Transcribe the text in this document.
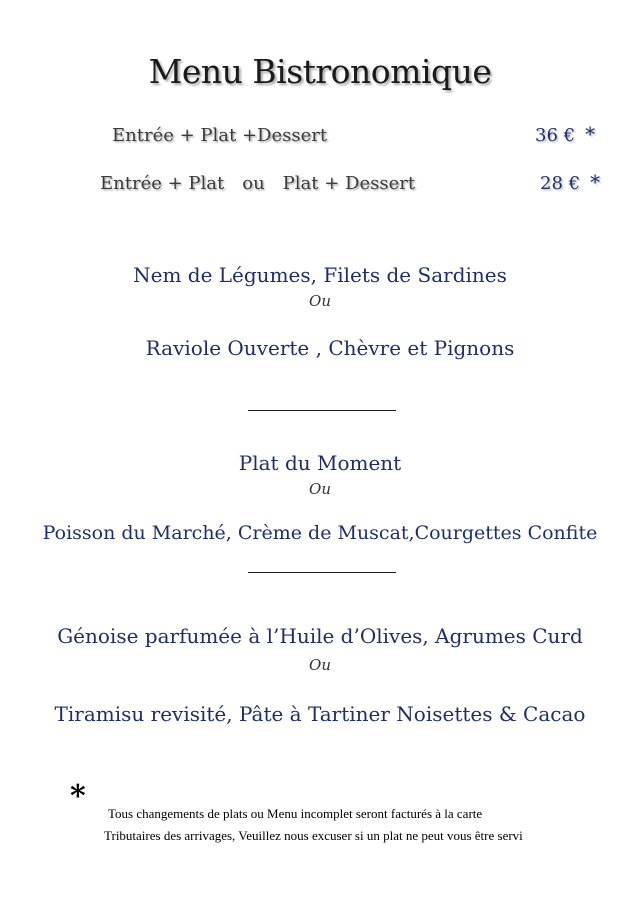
Menu Bistronomique
Entrée + Plat +Dessert	36 € *
Entrée + Plat ou Plat + Dessert	28 € *
Nem de Légumes, Filets de Sardines
Ou
Raviole Ouverte , Chèvre et Pignons
Plat du Moment
Ou
Poisson du Marché, Crème de Muscat,Courgettes Confite
Génoise parfumée à l’Huile d’Olives, Agrumes Curd
Ou
Tiramisu revisité, Pâte à Tartiner Noisettes & Cacao
* Tous changements de plats ou Menu incomplet seront facturés à la carte
Tributaires des arrivages, Veuillez nous excuser si un plat ne peut vous être servi
